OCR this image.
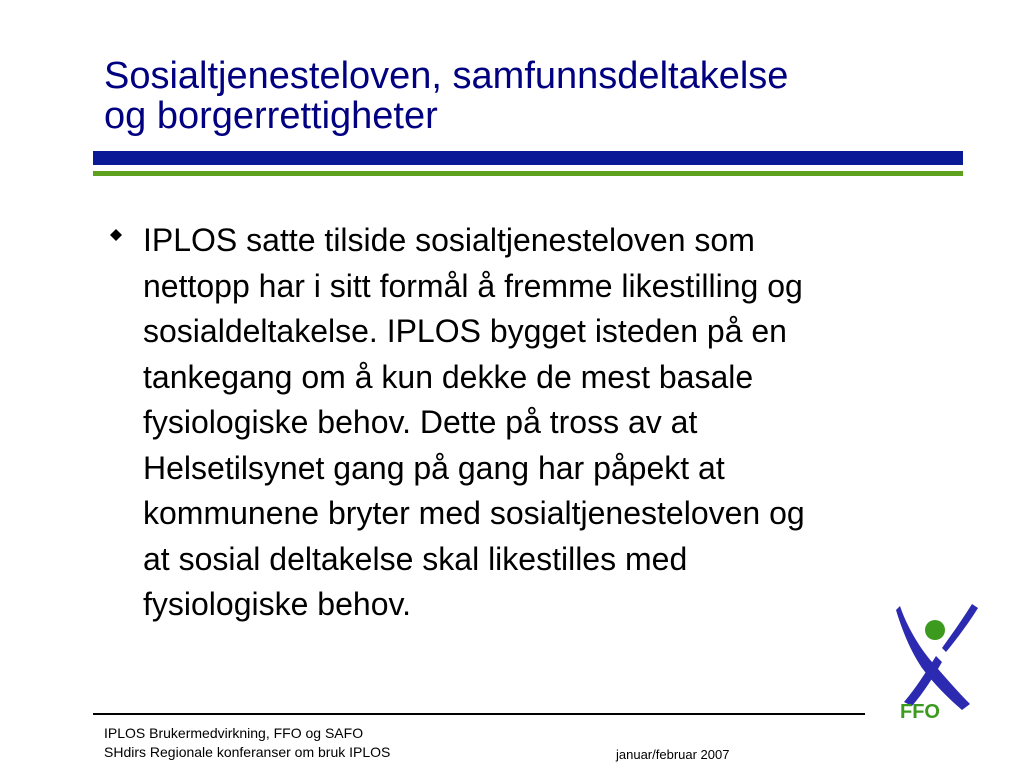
Sosialtjenesteloven, samfunnsdeltakelse
og borgerrettigheter
IPLOS satte tilside sosialtjenesteloven som
nettopp har i sitt formål å fremme likestilling og
sosialdeltakelse. IPLOS bygget isteden på en
tankegang om å kun dekke de mest basale
fysiologiske behov. Dette på tross av at
Helsetilsynet gang på gang har påpekt at
kommunene bryter med sosialtjenesteloven og
at sosial deltakelse skal likestilles med
fysiologiske behov.
FFO
IPLOS Brukermedvirkning, FFO og SAFO
SHdirs Regionale konferanser om bruk IPLOS	januar/februar 2007
